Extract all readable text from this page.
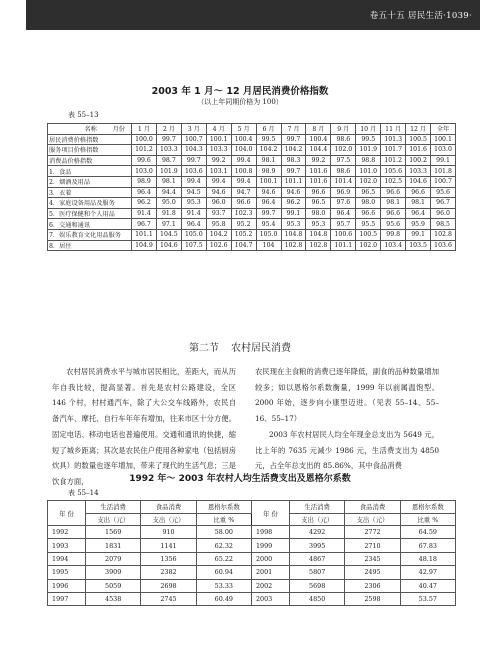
卷五十五 居民生活·1039·
2003 年 1 月～ 12 月居民消费价格指数
（以上年同期价格为 100）
表 55–13
名称 月份	1 月	2 月	3 月	4 月	5 月	6 月	7 月	8 月	9 月	10 月	11 月	12 月	全年
居民消费价格指数	100.0	99.7	100.7	100.1	100.4	99.5	99.7	100.4	98.6	99.5	101.3	100.5	100.1
服务项目价格指数	101.2	103.3	104.3	103.3	104.0	104.2	104.2	104.4	102.0	101.9	101.7	101.6	103.0
消费品价格指数	99.6	98.7	99.7	99.2	99.4	98.1	98.3	99.2	97.5	98.8	101.2	100.2	99.1
1．食品	103.0	101.9	103.6	103.1	100.8	98.9	99.7	101.6	98.6	101.0	105.6	103.3	101.8
2．烟酒及用品	98.9	98.1	99.4	99.4	99.4	100.1	101.1	101.6	101.4	102.0	102.5	104.6	100.7
3．衣着	96.4	94.4	94.5	94.6	94.7	94.6	94.6	96.6	96.9	96.5	96.6	96.6	95.6
4．家庭设备用品及服务	96.2	95.0	95.3	96.0	96.6	96.4	96.2	96.5	97.6	98.0	98.1	98.1	96.7
5．医疗保健和个人用品	91.4	91.8	91.4	93.7	102.3	99.7	99.1	98.0	96.4	96.6	96.6	96.4	96.0
6．交通和通讯	96.7	97.1	96.4	95.8	95.2	95.4	95.3	95.3	95.7	95.5	95.6	95.9	98.5
7．娱乐教育文化用品服务	101.1	104.5	105.0	104.2	105.2	105.0	104.8	104.8	100.6	100.5	99.8	99.1	102.8
8．居住	104.9	104.6	107.5	102.6	104.7	104	102.8	102.8	101.1	102.0	103.4	103.5	103.6
第二节 农村居民消费
农村居民消费水平与城市居民相比，差距大，而从历年自我比较，提高显著。首先是农村公路建设，全区 146 个村，村村通汽车，除了大公交车线路外，农民自备汽车、摩托、自行车年年有增加，往来市区十分方便。固定电话、移动电话也普遍使用。交通和通讯的快捷，缩短了城乡距离；其次是农民住户使用各种家电（包括厨房炊具）的数量也逐年增加，带来了现代的生活气息；三是饮食方面，
农民现在主食粮的消费已逐年降低，副食的品种数量增加较多；如以恩格尔系数衡量，1999 年以前属温饱型。2000 年始，逐步向小康型迈进。（见表 55–14、55–16、55–17）
2003 年农村居民人均全年现金总支出为 5649 元，比上年的 7635 元减少 1986 元，生活费支出为 4850 元，占全年总支出的 85.86%，其中食品消费
1992 年～ 2003 年农村人均生活费支出及恩格尔系数
表 55–14
年 份	生活消费	食品消费	恩格尔系数	年 份	生活消费	食品消费	恩格尔系数
	支出（元）	支出（元）	比重 %		支出（元）	支出（元）	比重 %
1992	1569	910	58.00	1998	4292	2772	64.59
1993	1831	1141	62.32	1999	3995	2710	67.83
1994	2079	1356	65.22	2000	4867	2345	48.18
1995	3909	2382	60.94	2001	5807	2495	42.97
1996	5059	2698	53.33	2002	5698	2306	40.47
1997	4538	2745	60.49	2003	4850	2598	53.57
